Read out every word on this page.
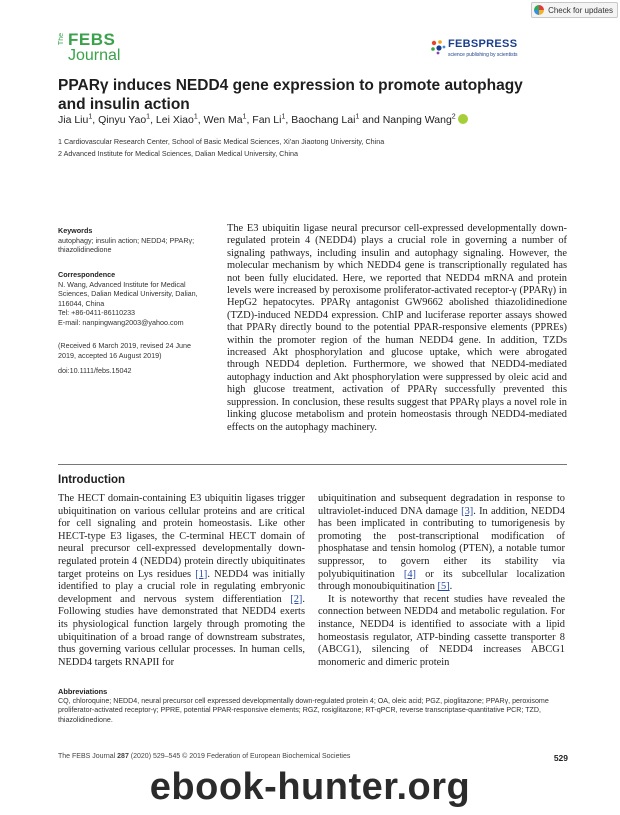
Check for updates
The FEBS
Journal
FEBSPRESS
science publishing by scientists
PPARγ induces NEDD4 gene expression to promote autophagy and insulin action
Jia Liu$^1$, Qinyu Yao$^1$, Lei Xiao$^1$, Wen Ma$^1$, Fan Li$^1$, Baochang Lai$^1$ and Nanping Wang$^2$
1 Cardiovascular Research Center, School of Basic Medical Sciences, Xi’an Jiaotong University, China
2 Advanced Institute for Medical Sciences, Dalian Medical University, China
Keywords
autophagy; insulin action; NEDD4; PPARγ; thiazolidinedione
Correspondence
N. Wang, Advanced Institute for Medical
Sciences, Dalian Medical University, Dalian,
116044, China
Tel: +86-0411-86110233
E-mail: nanpingwang2003@yahoo.com
(Received 6 March 2019, revised 24 June 2019, accepted 16 August 2019)
doi:10.1111/febs.15042
The E3 ubiquitin ligase neural precursor cell-expressed developmentally down-regulated protein 4 (NEDD4) plays a crucial role in governing a number of signaling pathways, including insulin and autophagy signaling. However, the molecular mechanism by which NEDD4 gene is transcriptionally regulated has not been fully elucidated. Here, we reported that NEDD4 mRNA and protein levels were increased by peroxisome proliferator-activated receptor-γ (PPARγ) in HepG2 hepatocytes. PPARγ antagonist GW9662 abolished thiazolidinedione (TZD)-induced NEDD4 expression. ChIP and luciferase reporter assays showed that PPARγ directly bound to the potential PPAR-responsive elements (PPREs) within the promoter region of the human NEDD4 gene. In addition, TZDs increased Akt phosphorylation and glucose uptake, which were abrogated through NEDD4 depletion. Furthermore, we showed that NEDD4-mediated autophagy induction and Akt phosphorylation were suppressed by oleic acid and high glucose treatment, activation of PPARγ successfully prevented this suppression. In conclusion, these results suggest that PPARγ plays a novel role in linking glucose metabolism and protein homeostasis through NEDD4-mediated effects on the autophagy machinery.
Introduction
The HECT domain-containing E3 ubiquitin ligases trigger ubiquitination on various cellular proteins and are critical for cell signaling and protein homeostasis. Like other HECT-type E3 ligases, the C-terminal HECT domain of neural precursor cell-expressed developmentally down-regulated protein 4 (NEDD4) protein directly ubiquitinates target proteins on Lys residues [1]. NEDD4 was initially identified to play a crucial role in regulating embryonic development and nervous system differentiation [2]. Following studies have demonstrated that NEDD4 exerts its physiological function largely through promoting the ubiquitination of a broad range of downstream substrates, thus governing various cellular processes. In human cells, NEDD4 targets RNAPII for
ubiquitination and subsequent degradation in response to ultraviolet-induced DNA damage [3]. In addition, NEDD4 has been implicated in contributing to tumorigenesis by promoting the post-transcriptional modification of phosphatase and tensin homolog (PTEN), a notable tumor suppressor, to govern either its stability via polyubiquitination [4] or its subcellular localization through monoubiquitination [5].
It is noteworthy that recent studies have revealed the connection between NEDD4 and metabolic regulation. For instance, NEDD4 is identified to associate with a lipid homeostasis regulator, ATP-binding cassette transporter 8 (ABCG1), silencing of NEDD4 increases ABCG1 monomeric and dimeric protein
Abbreviations
CQ, chloroquine; NEDD4, neural precursor cell expressed developmentally down-regulated protein 4; OA, oleic acid; PGZ, pioglitazone; PPARγ, peroxisome proliferator-activated receptor-γ; PPRE, potential PPAR-responsive elements; RGZ, rosiglitazone; RT-qPCR, reverse transcriptase-quantitative PCR; TZD, thiazolidinedione.
The FEBS Journal 287 (2020) 529–545 © 2019 Federation of European Biochemical Societies	529
ebook-hunter.org
